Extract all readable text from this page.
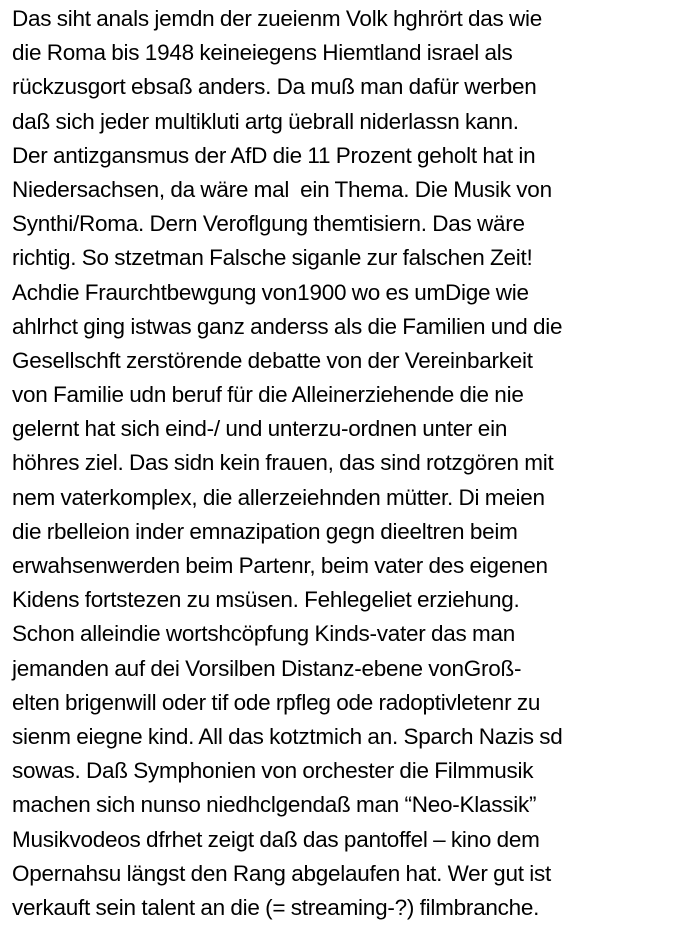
Das siht anals jemdn der zueienm Volk hghrört das wie
die Roma bis 1948 keineiegens Hiemtland israel als
rückzusgort ebsaß anders. Da muß man dafür werben
daß sich jeder multikluti artg üebrall niderlassn kann.
Der antizgansmus der AfD die 11 Prozent geholt hat in
Niedersachsen, da wäre mal  ein Thema. Die Musik von
Synthi/Roma. Dern Veroflgung themtisiern. Das wäre
richtig. So stzetman Falsche siganle zur falschen Zeit!
Achdie Fraurchtbewgung von1900 wo es umDige wie
ahlrhct ging istwas ganz anderss als die Familien und die
Gesellschft zerstörende debatte von der Vereinbarkeit
von Familie udn beruf für die Alleinerziehende die nie
gelernt hat sich eind-/ und unterzu-ordnen unter ein
höhres ziel. Das sidn kein frauen, das sind rotzgören mit
nem vaterkomplex, die allerzeiehnden mütter. Di meien
die rbelleion inder emnazipation gegn dieeltren beim
erwahsenwerden beim Partenr, beim vater des eigenen
Kidens fortstezen zu msüsen. Fehlegeliet erziehung.
Schon alleindie wortshcöpfung Kinds-vater das man
jemanden auf dei Vorsilben Distanz-ebene vonGroß-
elten brigenwill oder tif ode rpfleg ode radoptivletenr zu
sienm eiegne kind. All das kotztmich an. Sparch Nazis sd
sowas. Daß Symphonien von orchester die Filmmusik
machen sich nunso niedhclgendaß man “Neo-Klassik”
Musikvodeos dfrhet zeigt daß das pantoffel – kino dem
Opernahsu längst den Rang abgelaufen hat. Wer gut ist
verkauft sein talent an die (= streaming-?) filmbranche.
